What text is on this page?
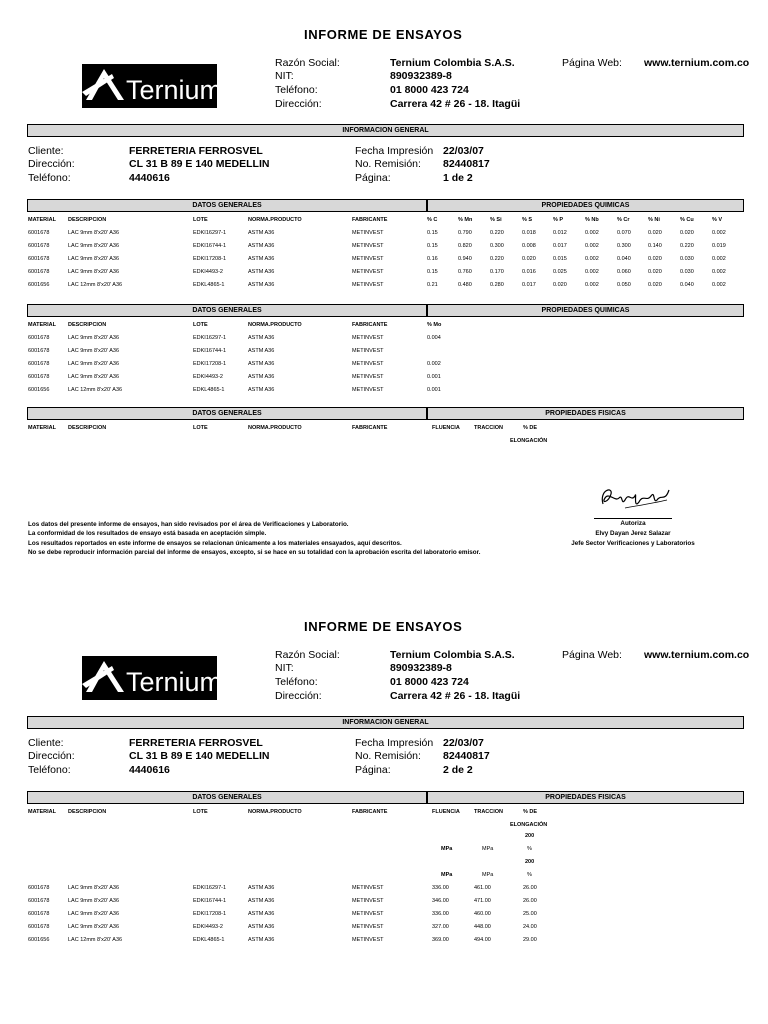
INFORME DE ENSAYOS
Ternium
Razón Social:	Ternium Colombia S.A.S.
NIT:	890932389-8
Teléfono:	01 8000 423 724
Dirección:	Carrera 42 # 26 - 18. Itagüi
Página Web: www.ternium.com.co
INFORMACION GENERAL
Cliente:	FERRETERIA FERROSVEL
Dirección:	CL 31 B 89 E 140 MEDELLIN
Teléfono:	4440616
Fecha Impresión 22/03/07
No. Remisión: 82440817
Página:	1 de 2
DATOS GENERALES	PROPIEDADES QUIMICAS
MATERIAL DESCRIPCION	LOTE	NORMA.PRODUCTO	FABRICANTE	% C	% Mn	% Si	% S	% P	% Nb	% Cr	% Ni	% Cu	% V
6001678	LAC 9mm 8'x20' A36	EDKI16297-1	ASTM A36	METINVEST	0.15	0.790	0.220	0.018	0.012	0.002	0.070	0.020	0.020	0.002
6001678	LAC 9mm 8'x20' A36	EDKI16744-1	ASTM A36	METINVEST	0.15	0.820	0.300	0.008	0.017	0.002	0.300	0.140	0.220	0.019
6001678	LAC 9mm 8'x20' A36	EDKI17208-1	ASTM A36	METINVEST	0.16	0.940	0.220	0.020	0.015	0.002	0.040	0.020	0.030	0.002
6001678	LAC 9mm 8'x20' A36	EDKI4493-2	ASTM A36	METINVEST	0.15	0.760	0.170	0.016	0.025	0.002	0.060	0.020	0.030	0.002
6001656	LAC 12mm 8'x20' A36	EDKL4865-1	ASTM A36	METINVEST	0.21	0.480	0.280	0.017	0.020	0.002	0.050	0.020	0.040	0.002
DATOS GENERALES	PROPIEDADES QUIMICAS
MATERIAL DESCRIPCION	LOTE	NORMA.PRODUCTO	FABRICANTE	% Mo
6001678	LAC 9mm 8'x20' A36	EDKI16297-1	ASTM A36	METINVEST	0.004
6001678	LAC 9mm 8'x20' A36	EDKI16744-1	ASTM A36	METINVEST
6001678	LAC 9mm 8'x20' A36	EDKI17208-1	ASTM A36	METINVEST	0.002
6001678	LAC 9mm 8'x20' A36	EDKI4493-2	ASTM A36	METINVEST	0.001
6001656	LAC 12mm 8'x20' A36	EDKL4865-1	ASTM A36	METINVEST	0.001
DATOS GENERALES	PROPIEDADES FISICAS
MATERIAL DESCRIPCION	LOTE	NORMA.PRODUCTO	FABRICANTE	FLUENCIA	TRACCION	% DE
ELONGACIÓN
Los datos del presente informe de ensayos, han sido revisados por el área de Verificaciones y Laboratorio.
La conformidad de los resultados de ensayo está basada en aceptación simple.
Los resultados reportados en este informe de ensayos se relacionan únicamente a los materiales ensayados, aquí descritos.
No se debe reproducir información parcial del informe de ensayos, excepto, si se hace en su totalidad con la aprobación escrita del laboratorio emisor.
Autoriza
Elvy Dayan Jerez Salazar
Jefe Sector Verificaciones y Laboratorios
INFORME DE ENSAYOS
Ternium
Razón Social:	Ternium Colombia S.A.S.
NIT:	890932389-8
Teléfono:	01 8000 423 724
Dirección:	Carrera 42 # 26 - 18. Itagüi
Página Web: www.ternium.com.co
INFORMACION GENERAL
Cliente:	FERRETERIA FERROSVEL
Dirección:	CL 31 B 89 E 140 MEDELLIN
Teléfono:	4440616
Fecha Impresión 22/03/07
No. Remisión: 82440817
Página:	2 de 2
DATOS GENERALES	PROPIEDADES FISICAS
MATERIAL DESCRIPCION	LOTE	NORMA.PRODUCTO	FABRICANTE	FLUENCIA	TRACCION	% DE
ELONGACIÓN
200
MPa	MPa	%
200
MPa	MPa	%
6001678	LAC 9mm 8'x20' A36	EDKI16297-1	ASTM A36	METINVEST	336.00	461.00	26.00
6001678	LAC 9mm 8'x20' A36	EDKI16744-1	ASTM A36	METINVEST	346.00	471.00	26.00
6001678	LAC 9mm 8'x20' A36	EDKI17208-1	ASTM A36	METINVEST	336.00	460.00	25.00
6001678	LAC 9mm 8'x20' A36	EDKI4493-2	ASTM A36	METINVEST	327.00	448.00	24.00
6001656	LAC 12mm 8'x20' A36	EDKL4865-1	ASTM A36	METINVEST	369.00	494.00	29.00
